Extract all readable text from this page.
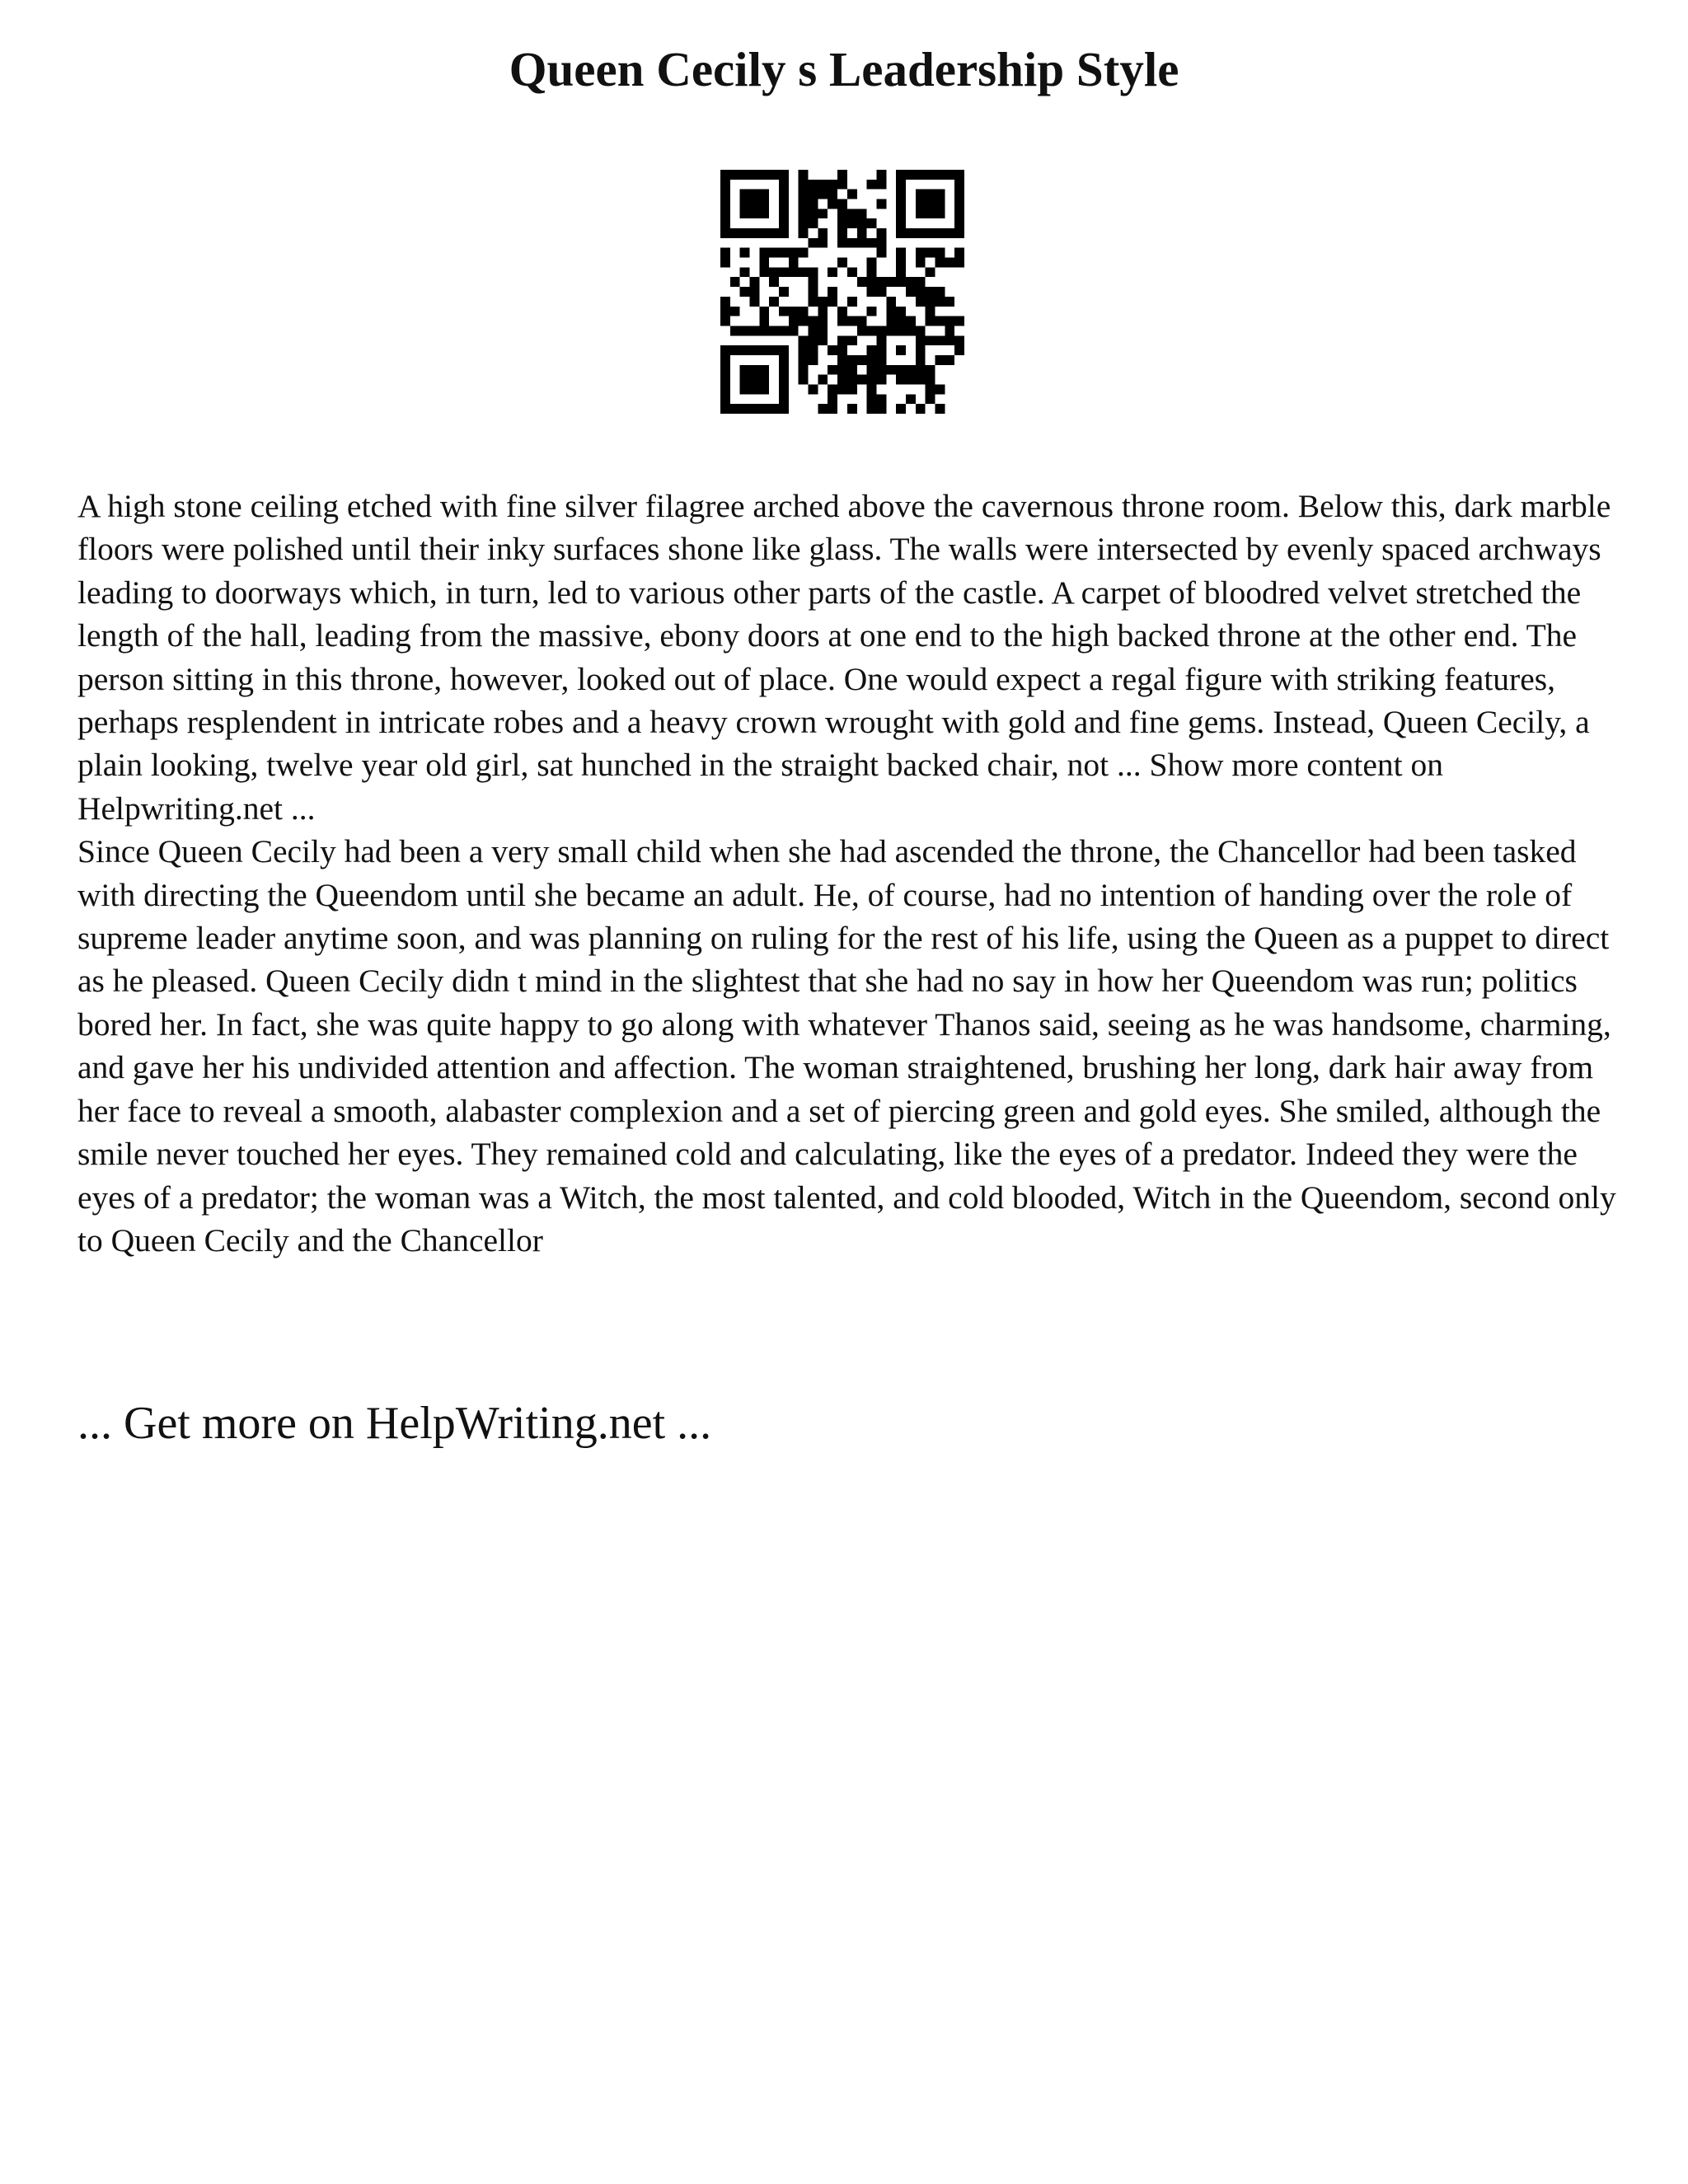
Queen Cecily s Leadership Style

A high stone ceiling etched with fine silver filagree arched above the cavernous throne room. Below this, dark marble floors were polished until their inky surfaces shone like glass. The walls were intersected by evenly spaced archways leading to doorways which, in turn, led to various other parts of the castle. A carpet of bloodred velvet stretched the length of the hall, leading from the massive, ebony doors at one end to the high backed throne at the other end. The person sitting in this throne, however, looked out of place. One would expect a regal figure with striking features, perhaps resplendent in intricate robes and a heavy crown wrought with gold and fine gems. Instead, Queen Cecily, a plain looking, twelve year old girl, sat hunched in the straight backed chair, not ... Show more content on Helpwriting.net ...

Since Queen Cecily had been a very small child when she had ascended the throne, the Chancellor had been tasked with directing the Queendom until she became an adult. He, of course, had no intention of handing over the role of supreme leader anytime soon, and was planning on ruling for the rest of his life, using the Queen as a puppet to direct as he pleased. Queen Cecily didn t mind in the slightest that she had no say in how her Queendom was run; politics bored her. In fact, she was quite happy to go along with whatever Thanos said, seeing as he was handsome, charming, and gave her his undivided attention and affection. The woman straightened, brushing her long, dark hair away from her face to reveal a smooth, alabaster complexion and a set of piercing green and gold eyes. She smiled, although the smile never touched her eyes. They remained cold and calculating, like the eyes of a predator. Indeed they were the eyes of a predator; the woman was a Witch, the most talented, and cold blooded, Witch in the Queendom, second only to Queen Cecily and the Chancellor

... Get more on HelpWriting.net ...
